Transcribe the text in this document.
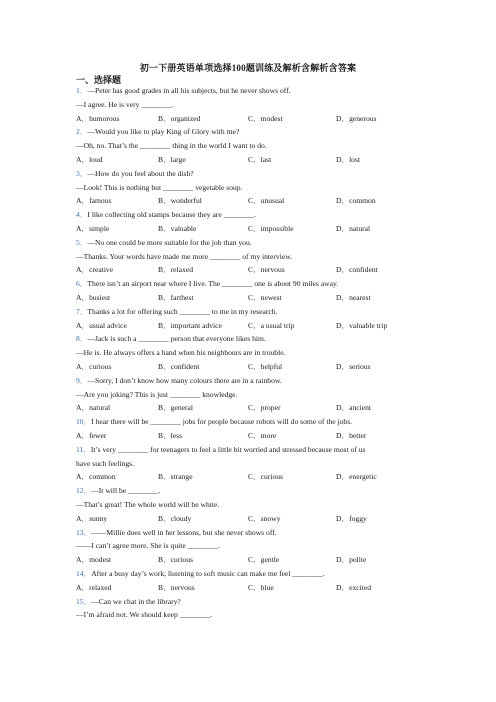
初一下册英语单项选择100题训练及解析含解析含答案
一、选择题
1．—Peter has good grades in all his subjects, but he never shows off.
—I agree. He is very ________.
A．humorous	B．organized	C．modest	D．generous
2．—Would you like to play King of Glory with me?
—Oh, no. That’s the ________ thing in the world I want to do.
A．loud	B．large	C．last	D．lost
3．—How do you feel about the dish?
—Look! This is nothing but ________ vegetable soup.
A．famous	B．wonderful	C．unusual	D．common
4．I like collecting old stamps because they are ________.
A．simple	B．valuable	C．impossible	D．natural
5．—No one could be more suitable for the job than you.
—Thanks. Your words have made me more ________ of my interview.
A．creative	B．relaxed	C．nervous	D．confident
6．There isn’t an airport near where I live. The ________ one is about 90 miles away.
A．busiest	B．farthest	C．newest	D．nearest
7．Thanks a lot for offering such ________ to me in my research.
A．usual advice	B．important advice	C．a usual trip	D．valuable trip
8．—Jack is such a ________ person that everyone likes him.
—He is. He always offers a hand when his neighbours are in trouble.
A．curious	B．confident	C．helpful	D．serious
9．—Sorry, I don’t know how many colours there are in a rainbow.
—Are you joking? This is just ________ knowledge.
A．natural	B．general	C．proper	D．ancient
10．I hear there will be ________ jobs for people because robots will do some of the jobs.
A．fewer	B．less	C．more	D．better
11．It’s very ________ for teenagers to feel a little bit worried and stressed because most of us
have such feelings.
A．common	B．strange	C．curious	D．energetic
12．—It will be ________.
—That’s great! The whole world will be white.
A．sunny	B．cloudy	C．snowy	D．foggy
13．——Millie does well in her lessons, but she never shows off.
——I can’t agree more. She is quite ________.
A．modest	B．curious	C．gentle	D．polite
14．After a busy day’s work, listening to soft music can make me feel ________.
A．relaxed	B．nervous	C．blue	D．excited
15．—Can we chat in the library?
—I’m afraid not. We should keep ________.
